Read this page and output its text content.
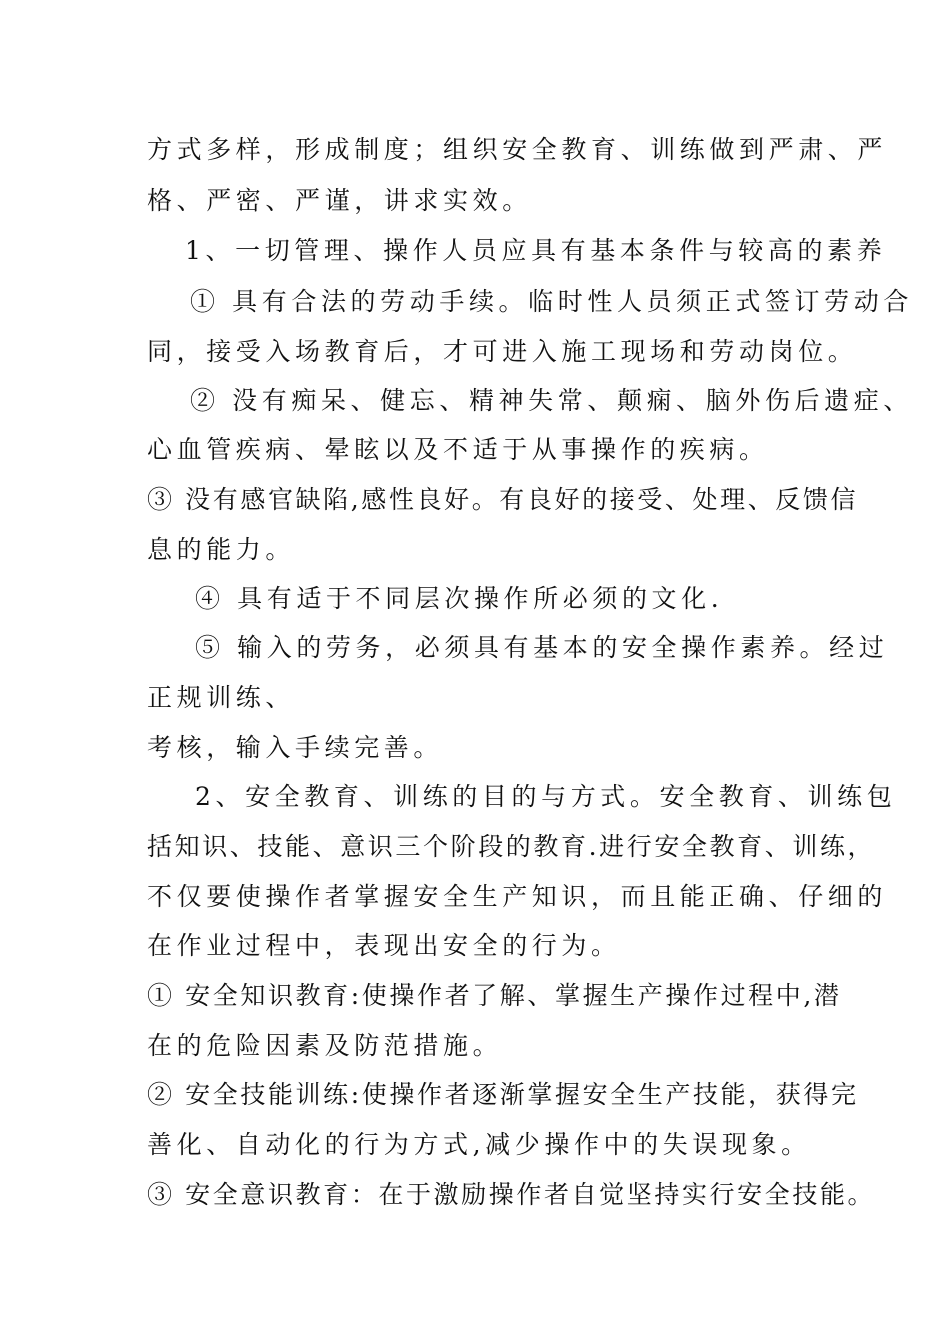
方式多样，形成制度；组织安全教育、训练做到严肃、严
格、严密、严谨，讲求实效。
1、一切管理、操作人员应具有基本条件与较高的素养
① 具有合法的劳动手续。临时性人员须正式签订劳动合
同，接受入场教育后，才可进入施工现场和劳动岗位。
② 没有痴呆、健忘、精神失常、颠痫、脑外伤后遗症、
心血管疾病、晕眩以及不适于从事操作的疾病。
③ 没有感官缺陷,感性良好。有良好的接受、处理、反馈信
息的能力。
④ 具有适于不同层次操作所必须的文化.
⑤ 输入的劳务，必须具有基本的安全操作素养。经过
正规训练、
考核，输入手续完善。
2、安全教育、训练的目的与方式。安全教育、训练包
括知识、技能、意识三个阶段的教育.进行安全教育、训练，
不仅要使操作者掌握安全生产知识，而且能正确、仔细的
在作业过程中，表现出安全的行为。
① 安全知识教育:使操作者了解、掌握生产操作过程中,潜
在的危险因素及防范措施。
② 安全技能训练:使操作者逐渐掌握安全生产技能，获得完
善化、自动化的行为方式,减少操作中的失误现象。
③ 安全意识教育：在于激励操作者自觉坚持实行安全技能。
